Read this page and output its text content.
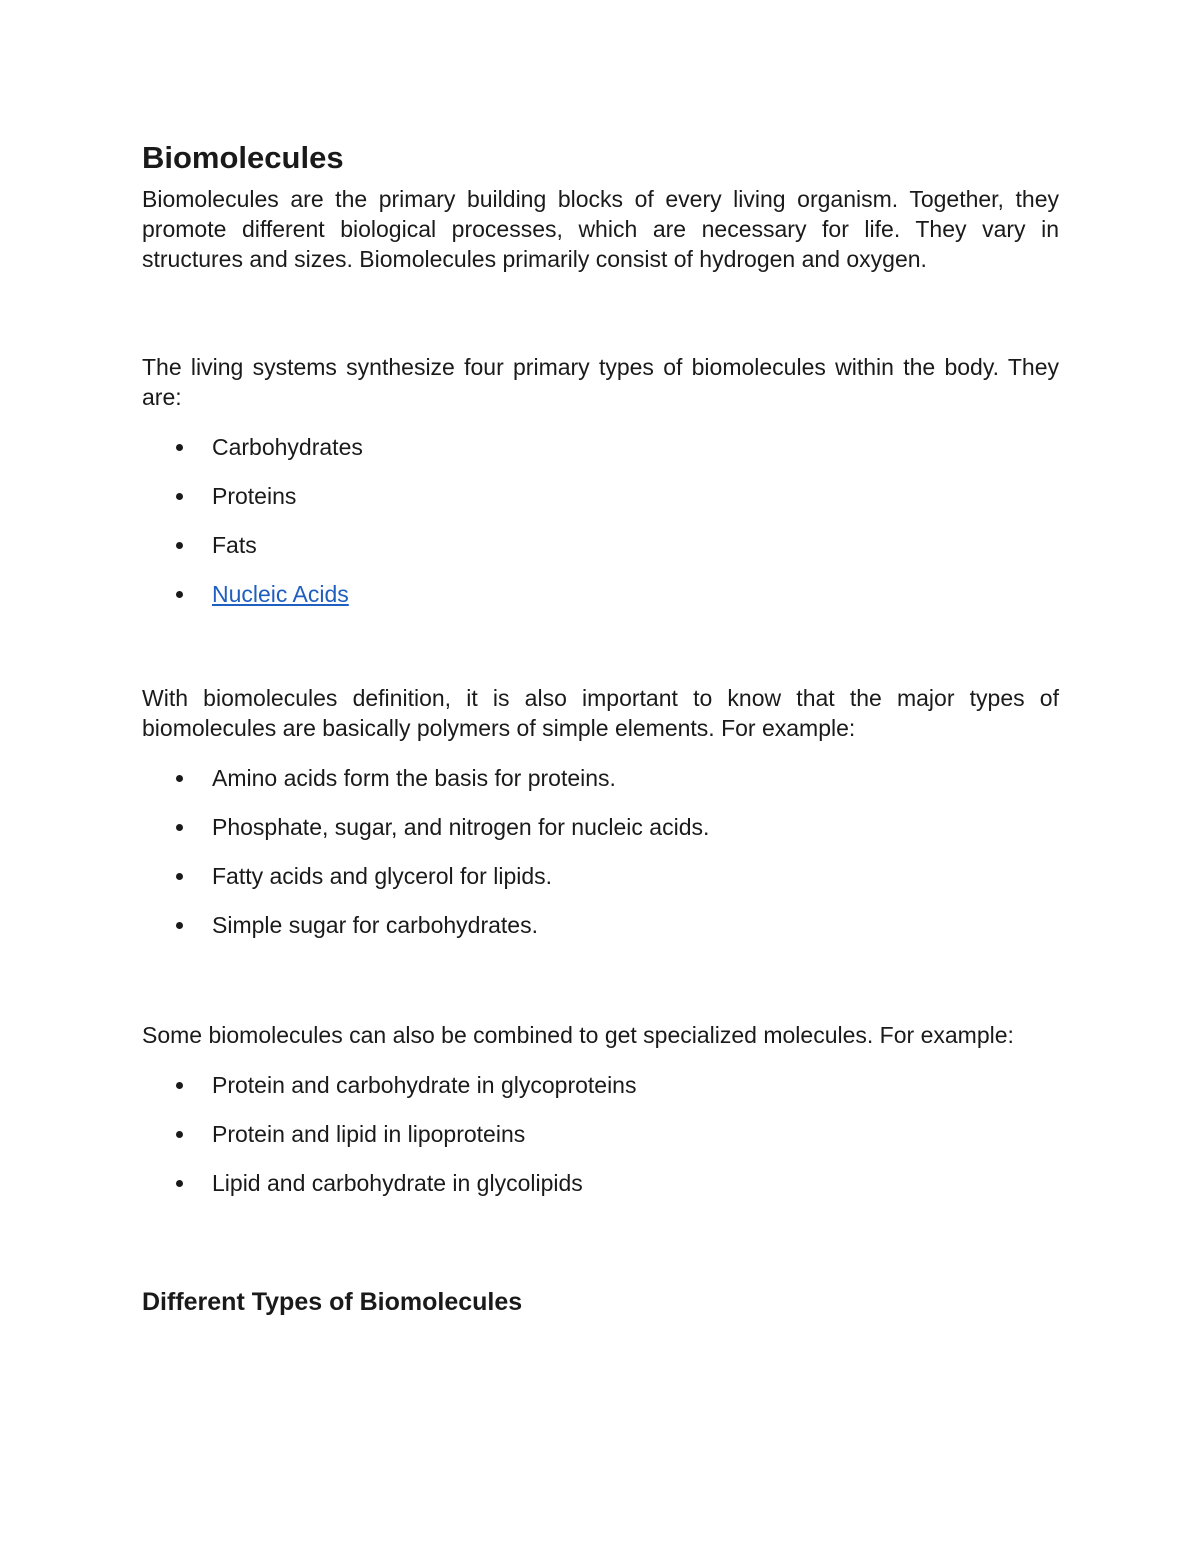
Biomolecules

Biomolecules are the primary building blocks of every living organism. Together, they promote different biological processes, which are necessary for life. They vary in structures and sizes. Biomolecules primarily consist of hydrogen and oxygen.

The living systems synthesize four primary types of biomolecules within the body. They are:

Carbohydrates
Proteins
Fats
Nucleic Acids

With biomolecules definition, it is also important to know that the major types of biomolecules are basically polymers of simple elements. For example:

Amino acids form the basis for proteins.
Phosphate, sugar, and nitrogen for nucleic acids.
Fatty acids and glycerol for lipids.
Simple sugar for carbohydrates.

Some biomolecules can also be combined to get specialized molecules. For example:

Protein and carbohydrate in glycoproteins
Protein and lipid in lipoproteins
Lipid and carbohydrate in glycolipids
Different Types of Biomolecules
